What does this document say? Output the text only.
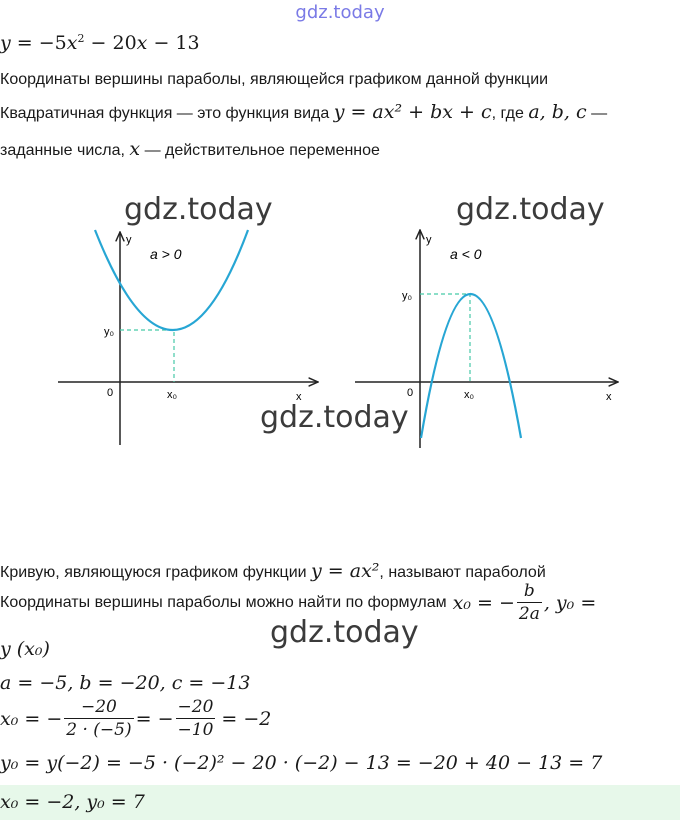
gdz.today
$y = -5x^2 - 20x - 13$
Координаты вершины параболы, являющейся графиком данной функции
Квадратичная функция — это функция вида y = ax² + bx + c, где a, b, c —
заданные числа, x — действительное переменное
y
x
0	x₀
y₀
a > 0
y
x
0	x₀
y₀
a < 0
gdz.today	gdz.today
gdz.today
gdz.today
Кривую, являющуюся графиком функции y = ax², называют параболой
Координаты вершины параболы можно найти по формулам x₀ = − $\frac{b}{2a}$ , y₀ =
y (x₀)
a = −5, b = −20, c = −13
x₀ = − $\frac{-20}{2 \cdot (-5)}$ = − $\frac{-20}{-10} = -2$
y₀ = y(−2) = −5 · (−2)² − 20 · (−2) − 13 = −20 + 40 − 13 = 7
x₀ = −2, y₀ = 7
